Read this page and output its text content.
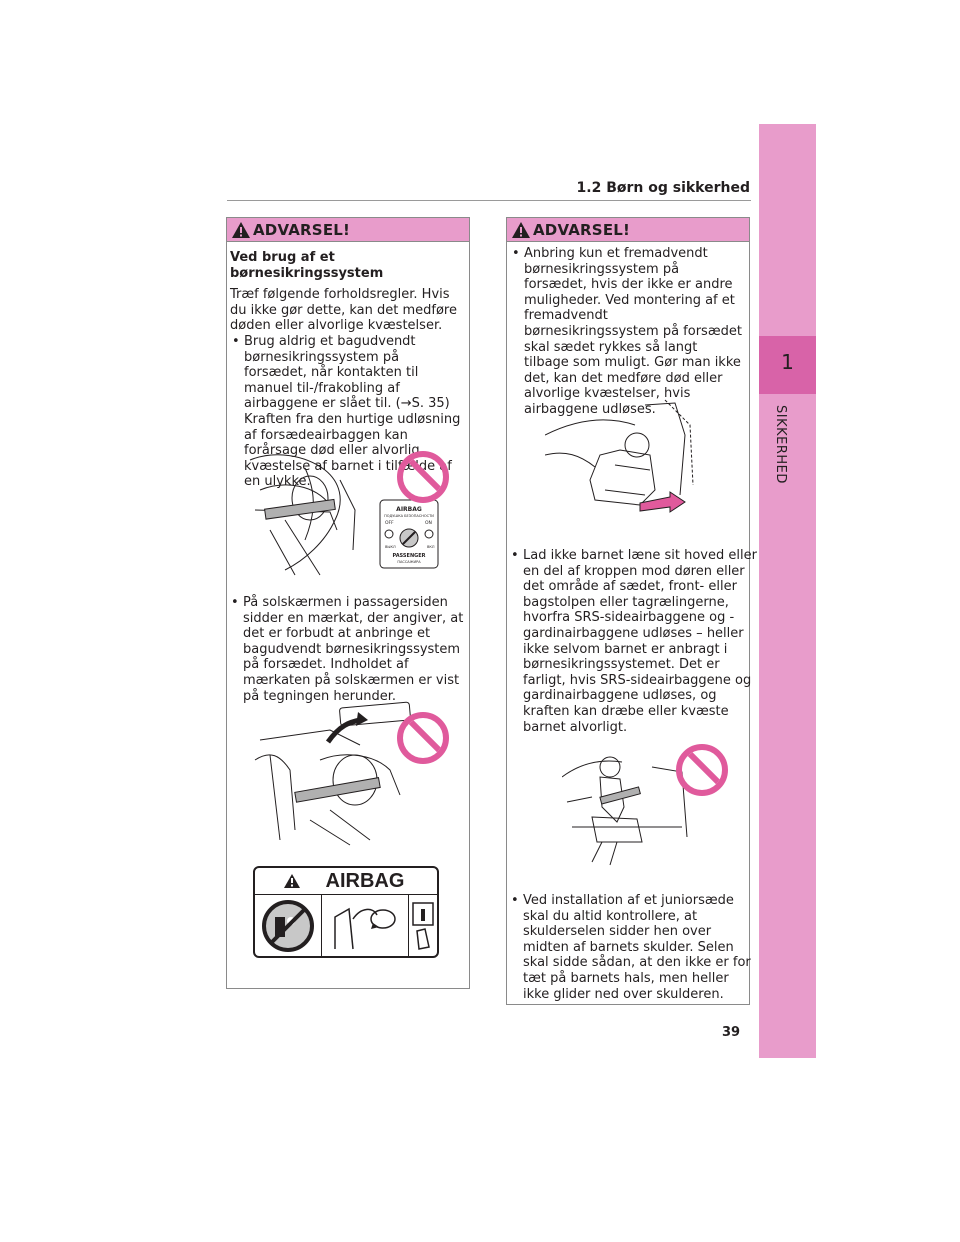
1
SIKKERHED
1.2 Børn og sikkerhed
ADVARSEL!

Ved brug af et børnesikringssystem

Træf følgende forholdsregler. Hvis du ikke gør dette, kan det medføre døden eller alvorlige kvæstelser.

• Brug aldrig et bagudvendt børnesikringssystem på forsædet, når kontakten til manuel til-/frakobling af airbaggene er slået til. (→S. 35) Kraften fra den hurtige udløsning af forsædeairbaggen kan forårsage død eller alvorlig kvæstelse af barnet i tilfælde af en ulykke.

AIRBAG
ПОДУШКА БЕЗОПАСНОСТИ
OFF	ON
ВЫКЛ	ВКЛ
PASSENGER
ПАССАЖИРА

• På solskærmen i passagersiden sidder en mærkat, der angiver, at det er forbudt at anbringe et bagudvendt børnesikringssystem på forsædet. Indholdet af mærkaten på solskærmen er vist på tegningen herunder.

AIRBAG
ADVARSEL!

• Anbring kun et fremadvendt børnesikringssystem på forsædet, hvis der ikke er andre muligheder. Ved montering af et fremadvendt børnesikringssystem på forsædet skal sædet rykkes så langt tilbage som muligt. Gør man ikke det, kan det medføre død eller alvorlige kvæstelser, hvis airbaggene udløses.

• Lad ikke barnet læne sit hoved eller en del af kroppen mod døren eller det område af sædet, front- eller bagstolpen eller tagrælingerne, hvorfra SRS-sideairbaggene og -gardinairbaggene udløses – heller ikke selvom barnet er anbragt i børnesikringssystemet. Det er farligt, hvis SRS-sideairbaggene og gardinairbaggene udløses, og kraften kan dræbe eller kvæste barnet alvorligt.

• Ved installation af et juniorsæde skal du altid kontrollere, at skulderselen sidder hen over midten af barnets skulder. Selen skal sidde sådan, at den ikke er for tæt på barnets hals, men heller ikke glider ned over skulderen.

39
